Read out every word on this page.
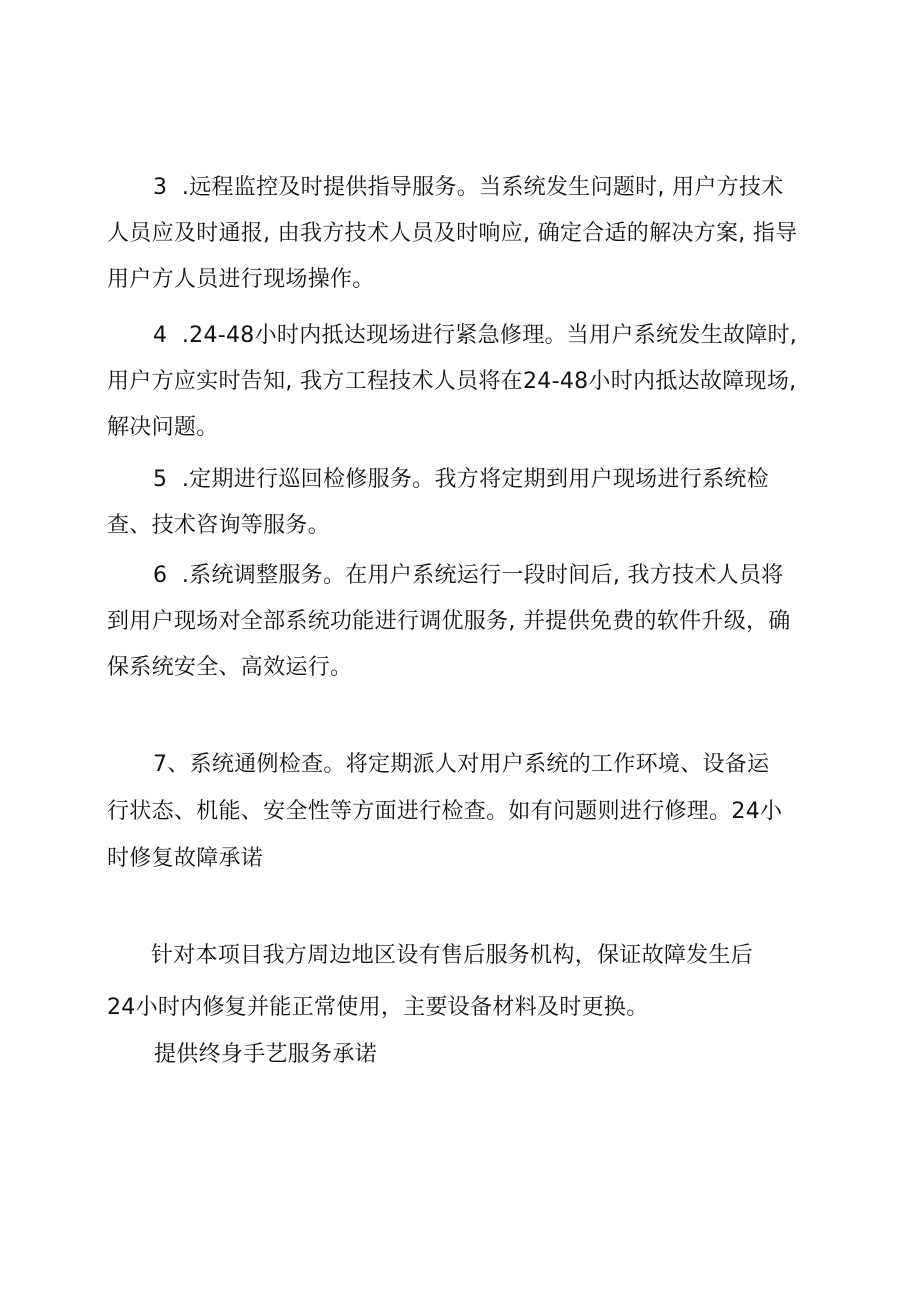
3  .远程监控及时提供指导服务。当系统发生问题时, 用户方技术
人员应及时通报, 由我方技术人员及时响应, 确定合适的解决方案, 指导
用户方人员进行现场操作。
4  .24-48小时内抵达现场进行紧急修理。当用户系统发生故障时,
用户方应实时告知, 我方工程技术人员将在24-48小时内抵达故障现场,
解决问题。
5  .定期进行巡回检修服务。我方将定期到用户现场进行系统检
查、技术咨询等服务。
6  .系统调整服务。在用户系统运行一段时间后, 我方技术人员将
到用户现场对全部系统功能进行调优服务, 并提供免费的软件升级，确
保系统安全、高效运行。
7、系统通例检查。将定期派人对用户系统的工作环境、设备运
行状态、机能、安全性等方面进行检查。如有问题则进行修理。24小
时修复故障承诺
针对本项目我方周边地区设有售后服务机构，保证故障发生后
24小时内修复并能正常使用，主要设备材料及时更换。
提供终身手艺服务承诺
